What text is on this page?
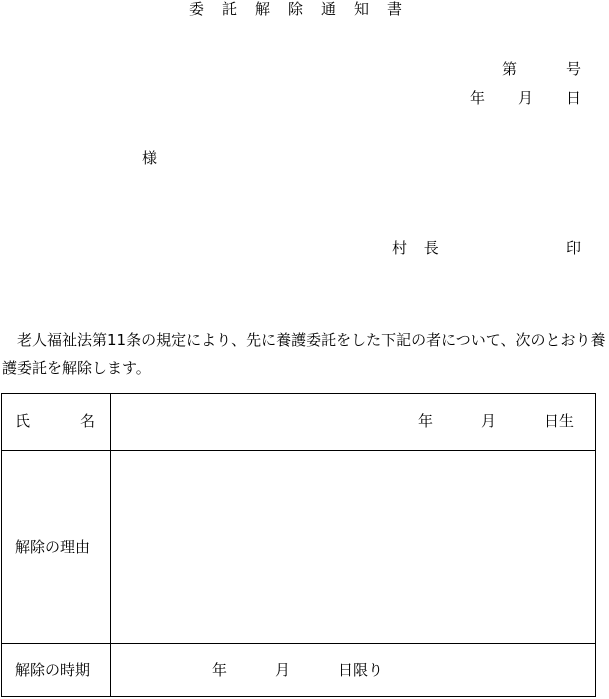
委託解除通知書
第	号
年 月 日
様
村 長	印
老人福祉法第11条の規定により、先に養護委託をした下記の者について、次のとおり養護委託を解除します。
氏	名	年	月	日生
解除の理由
解除の時期	年	月	日限り
